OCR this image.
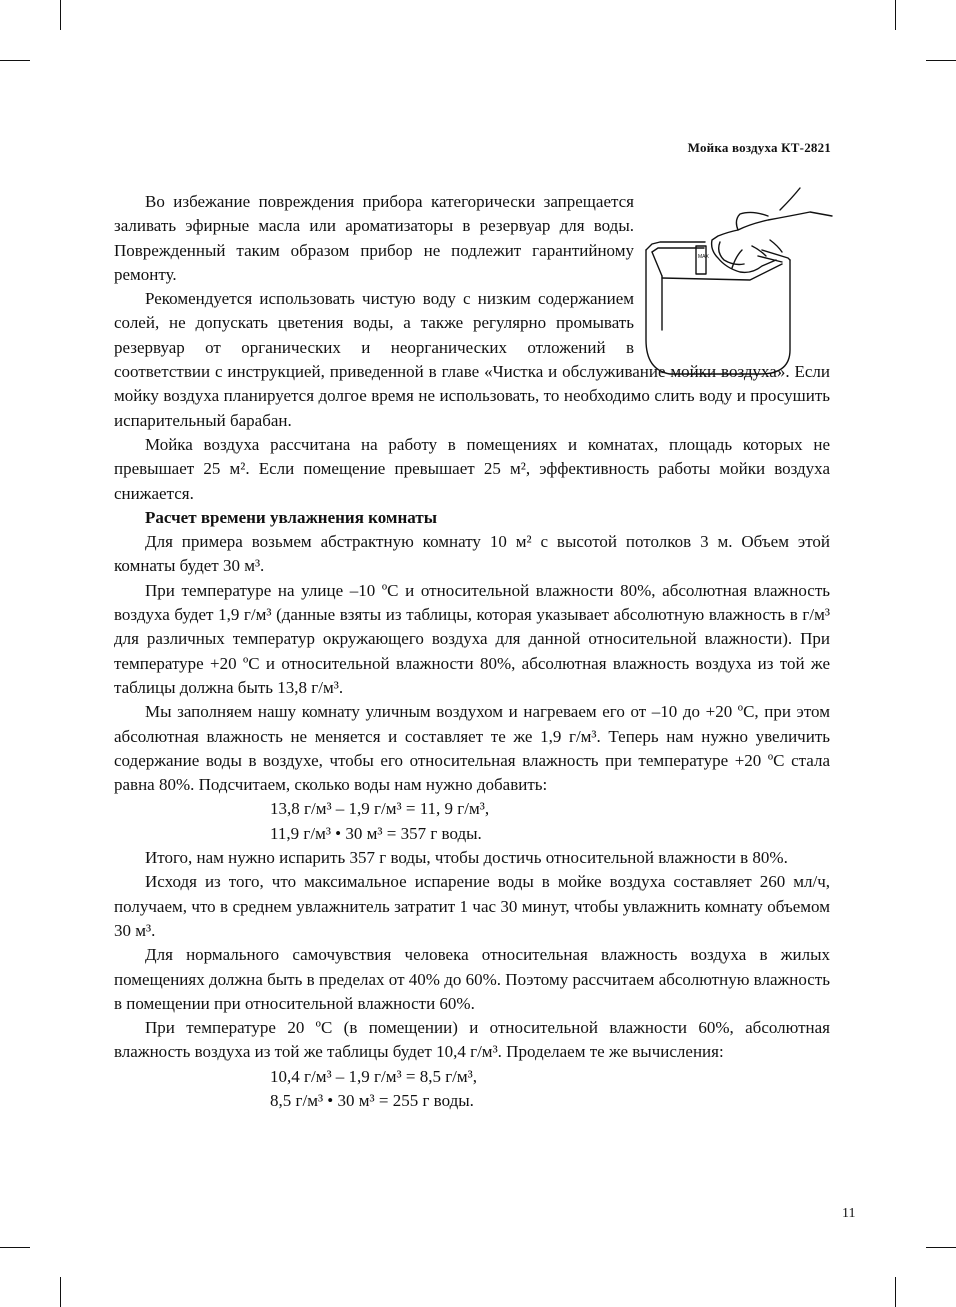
Мойка воздуха КТ-2821
MAX

Во избежание повреждения прибора категорически запрещается заливать эфирные масла или ароматизаторы в резервуар для воды. Поврежденный таким образом прибор не подлежит гарантийному ремонту.

Рекомендуется использовать чистую воду с низким содержанием солей, не допускать цветения воды, а также регулярно промывать резервуар от органических и неорганических отложений в соответствии с инструкцией, приведенной в главе «Чистка и обслуживание мойки воздуха». Если мойку воздуха планируется долгое время не использовать, то необходимо слить воду и просушить испарительный барабан.

Мойка воздуха рассчитана на работу в помещениях и комнатах, площадь которых не превышает 25 м². Если помещение превышает 25 м², эффективность работы мойки воздуха снижается.

Расчет времени увлажнения комнаты

Для примера возьмем абстрактную комнату 10 м² с высотой потолков 3 м. Объем этой комнаты будет 30 м³.

При температуре на улице –10 ºС и относительной влажности 80%, абсолютная влажность воздуха будет 1,9 г/м³ (данные взяты из таблицы, которая указывает абсолютную влажность в г/м³ для различных температур окружающего воздуха для данной относительной влажности). При температуре +20 ºС и относительной влажности 80%, абсолютная влажность воздуха из той же таблицы должна быть 13,8 г/м³.

Мы заполняем нашу комнату уличным воздухом и нагреваем его от –10 до +20 ºС, при этом абсолютная влажность не меняется и составляет те же 1,9 г/м³. Теперь нам нужно увеличить содержание воды в воздухе, чтобы его относительная влажность при температуре +20 ºС стала равна 80%. Подсчитаем, сколько воды нам нужно добавить:

13,8 г/м³ – 1,9 г/м³ = 11, 9 г/м³,
11,9 г/м³ • 30 м³ = 357 г воды.

Итого, нам нужно испарить 357 г воды, чтобы достичь относительной влажности в 80%.

Исходя из того, что максимальное испарение воды в мойке воздуха составляет 260 мл/ч, получаем, что в среднем увлажнитель затратит 1 час 30 минут, чтобы увлажнить комнату объемом 30 м³.

Для нормального самочувствия человека относительная влажность воздуха в жилых помещениях должна быть в пределах от 40% до 60%. Поэтому рассчитаем абсолютную влажность в помещении при относительной влажности 60%.

При температуре 20 ºС (в помещении) и относительной влажности 60%, абсолютная влажность воздуха из той же таблицы будет 10,4 г/м³. Проделаем те же вычисления:

10,4 г/м³ – 1,9 г/м³ = 8,5 г/м³,
8,5 г/м³ • 30 м³ = 255 г воды.
11
